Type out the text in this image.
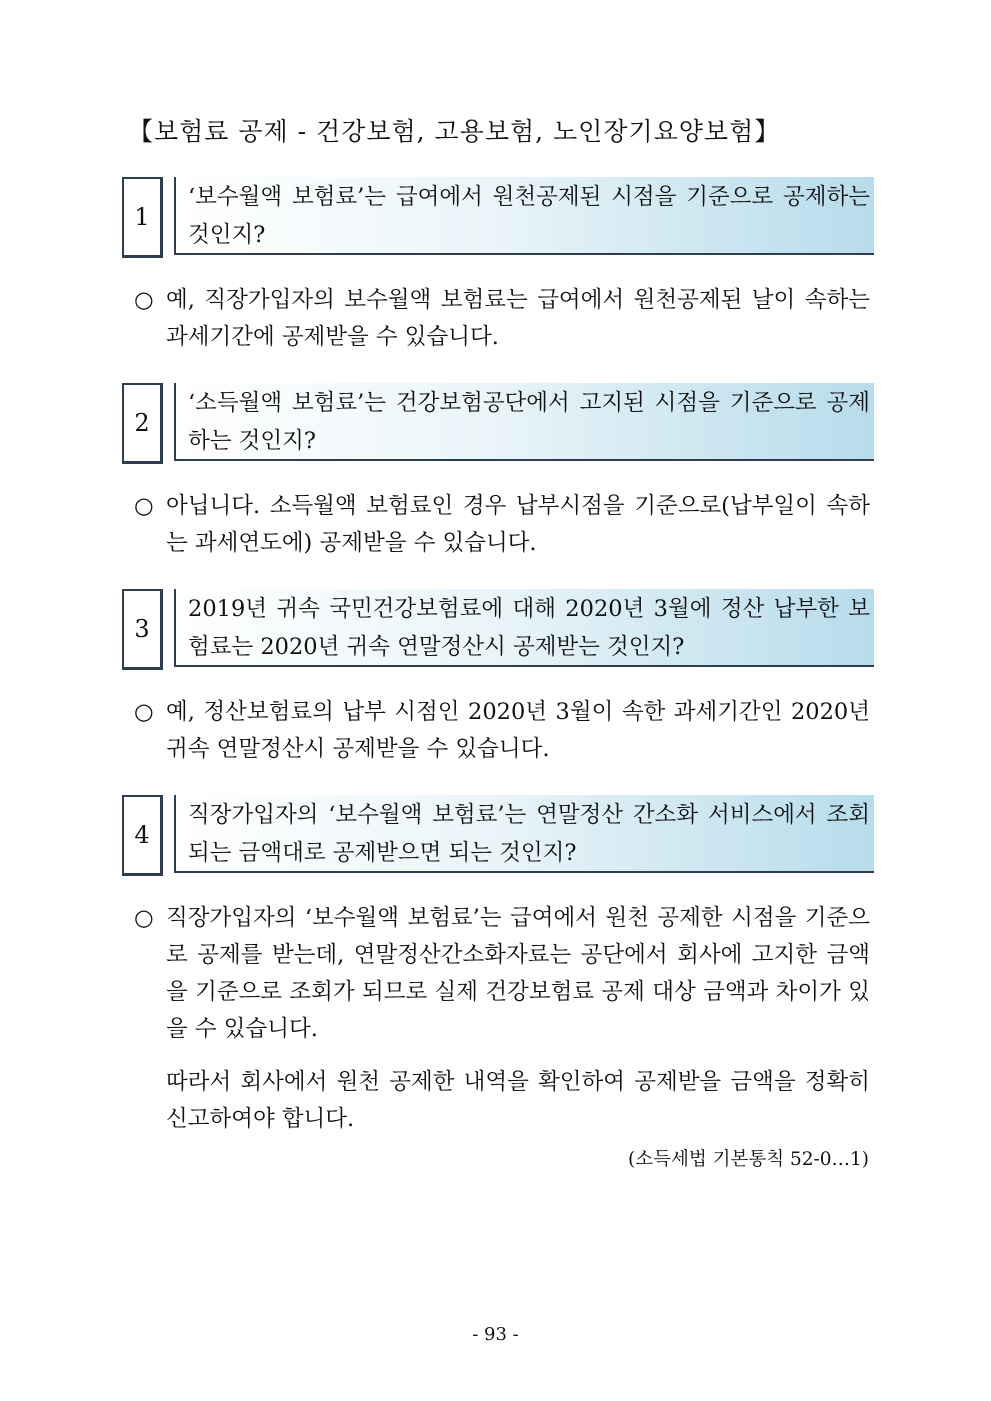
【보험료 공제 - 건강보험, 고용보험, 노인장기요양보험】
1
‘보수월액 보험료’는 급여에서 원천공제된 시점을 기준으로 공제하는 것인지?
○ 예, 직장가입자의 보수월액 보험료는 급여에서 원천공제된 날이 속하는 과세기간에 공제받을 수 있습니다.
2
‘소득월액 보험료’는 건강보험공단에서 고지된 시점을 기준으로 공제하는 것인지?
○ 아닙니다. 소득월액 보험료인 경우 납부시점을 기준으로(납부일이 속하는 과세연도에) 공제받을 수 있습니다.
3
2019년 귀속 국민건강보험료에 대해 2020년 3월에 정산 납부한 보험료는 2020년 귀속 연말정산시 공제받는 것인지?
○ 예, 정산보험료의 납부 시점인 2020년 3월이 속한 과세기간인 2020년 귀속 연말정산시 공제받을 수 있습니다.
4
직장가입자의 ‘보수월액 보험료’는 연말정산 간소화 서비스에서 조회되는 금액대로 공제받으면 되는 것인지?
○ 직장가입자의 ‘보수월액 보험료’는 급여에서 원천 공제한 시점을 기준으로 공제를 받는데, 연말정산간소화자료는 공단에서 회사에 고지한 금액을 기준으로 조회가 되므로 실제 건강보험료 공제 대상 금액과 차이가 있을 수 있습니다.
따라서 회사에서 원천 공제한 내역을 확인하여 공제받을 금액을 정확히 신고하여야 합니다.
(소득세법 기본통칙 52-0…1)
- 93 -
